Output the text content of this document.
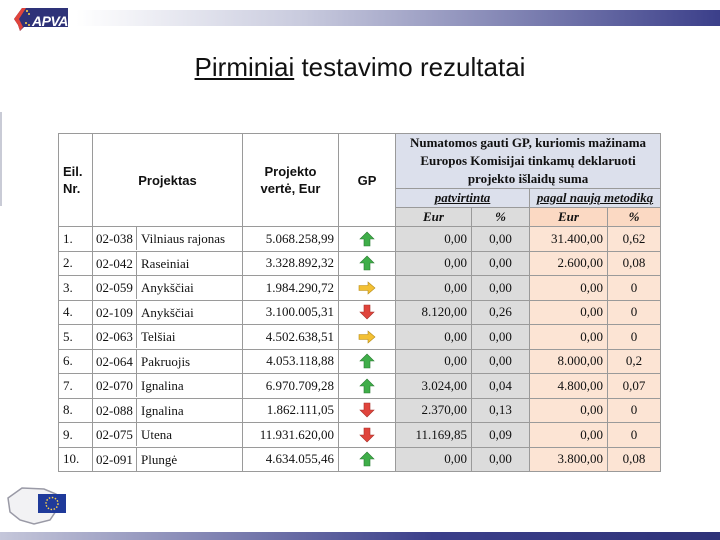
APVA
Pirminiai testavimo rezultatai
Eil. Nr.	Projektas	Projekto vertė, Eur	GP	Numatomos gauti GP, kuriomis mažinama Europos Komisijai tinkamų deklaruoti projekto išlaidų suma			
				patvirtinta		pagal naują metodiką	
				Eur	%	Eur	%
1.	02-038 Vilniaus rajonas	5.068.258,99		0,00	0,00	31.400,00	0,62
2.	02-042 Raseiniai	3.328.892,32		0,00	0,00	2.600,00	0,08
3.	02-059 Anykščiai	1.984.290,72		0,00	0,00	0,00	0
4.	02-109 Anykščiai	3.100.005,31		8.120,00	0,26	0,00	0
5.	02-063 Telšiai	4.502.638,51		0,00	0,00	0,00	0
6.	02-064 Pakruojis	4.053.118,88		0,00	0,00	8.000,00	0,2
7.	02-070 Ignalina	6.970.709,28		3.024,00	0,04	4.800,00	0,07
8.	02-088 Ignalina	1.862.111,05		2.370,00	0,13	0,00	0
9.	02-075 Utena	11.931.620,00		11.169,85	0,09	0,00	0
10.	02-091 Plungė	4.634.055,46		0,00	0,00	3.800,00	0,08
